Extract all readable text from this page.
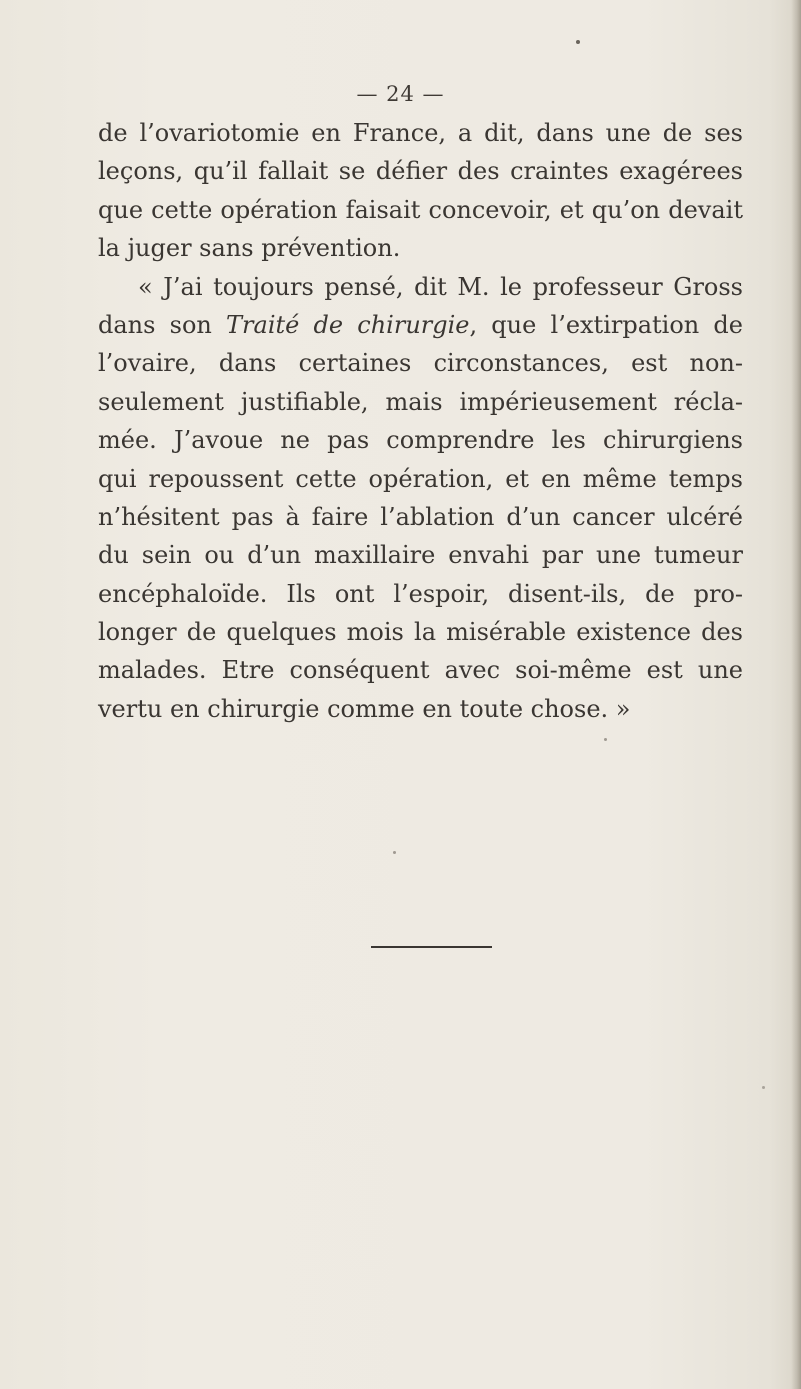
— 24 —
de l’ovariotomie en France, a dit, dans une de ses
leçons, qu’il fallait se défier des craintes exagérees
que cette opération faisait concevoir, et qu’on devait
la juger sans prévention.
« J’ai toujours pensé, dit M. le professeur Gross
dans son Traité de chirurgie, que l’extirpation de
l’ovaire, dans certaines circonstances, est non-
seulement justifiable, mais impérieusement récla-
mée. J’avoue ne pas comprendre les chirurgiens
qui repoussent cette opération, et en même temps
n’hésitent pas à faire l’ablation d’un cancer ulcéré
du sein ou d’un maxillaire envahi par une tumeur
encéphaloïde. Ils ont l’espoir, disent-ils, de pro-
longer de quelques mois la misérable existence des
malades. Etre conséquent avec soi-même est une
vertu en chirurgie comme en toute chose. »
